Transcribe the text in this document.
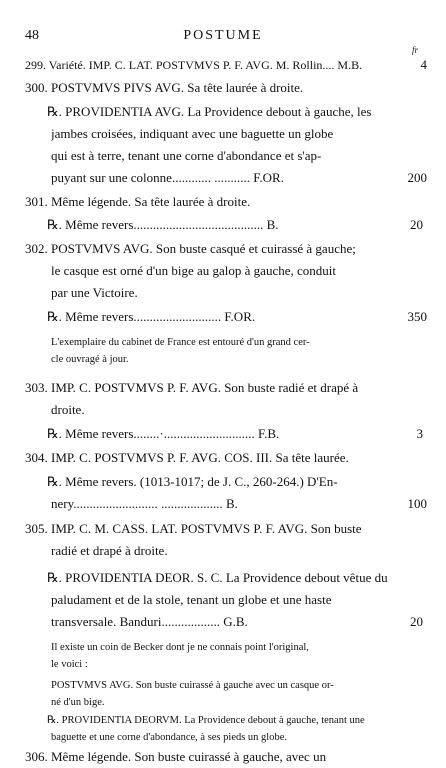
48	POSTUME
fr
299. Variété. IMP. C. LAT. POSTVMVS P. F. AVG. M. Rollin.... M.B.	4
300. POSTVMVS PIVS AVG. Sa tête laurée à droite.
℞. PROVIDENTIA AVG. La Providence debout à gauche, les
jambes croisées, indiquant avec une baguette un globe
qui est à terre, tenant une corne d'abondance et s'ap-
puyant sur une colonne............ ........... F.OR.	200
301. Même légende. Sa tête laurée à droite.
℞. Même revers........................................ B.	20
302. POSTVMVS AVG. Son buste casqué et cuirassé à gauche;
le casque est orné d'un bige au galop à gauche, conduit
par une Victoire.
℞. Même revers........................... F.OR.	350
L'exemplaire du cabinet de France est entouré d'un grand cer-
cle ouvragé à jour.
303. IMP. C. POSTVMVS P. F. AVG. Son buste radié et drapé à
droite.
℞. Même revers........·............................ F.B.	3
304. IMP. C. POSTVMVS P. F. AVG. COS. III. Sa tête laurée.
℞. Même revers. (1013-1017; de J. C., 260-264.) D'En-
nery.......................... ................... B.	100
305. IMP. C. M. CASS. LAT. POSTVMVS P. F. AVG. Son buste
radié et drapé à droite.
℞. PROVIDENTIA DEOR. S. C. La Providence debout vêtue du
paludament et de la stole, tenant un globe et une haste
transversale. Banduri.................. G.B.	20
Il existe un coin de Becker dont je ne connais point l'original,
le voici :
POSTVMVS AVG. Son buste cuirassé à gauche avec un casque or-
né d'un bige.
℞. PROVIDENTIA DEORVM. La Providence debout à gauche, tenant une
baguette et une corne d'abondance, à ses pieds un globe.
306. Même légende. Son buste cuirassé à gauche, avec un
